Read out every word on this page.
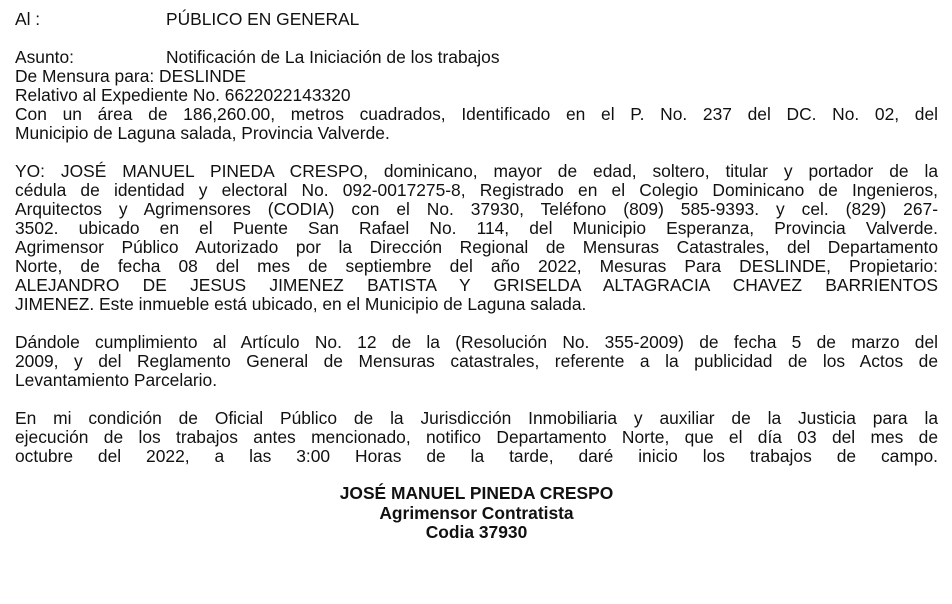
Al :	PÚBLICO EN GENERAL
Asunto:	Notificación de La Iniciación de los trabajos
De Mensura para: DESLINDE
Relativo al Expediente No. 6622022143320
Con un área de 186,260.00, metros cuadrados, Identificado en el P. No. 237 del DC. No. 02, del
Municipio de Laguna salada, Provincia Valverde.
YO: JOSÉ MANUEL PINEDA CRESPO, dominicano, mayor de edad, soltero, titular y portador de la
cédula de identidad y electoral No. 092-0017275-8, Registrado en el Colegio Dominicano de Ingenieros,
Arquitectos y Agrimensores (CODIA) con el No. 37930, Teléfono (809) 585-9393. y cel. (829) 267-
3502. ubicado en el Puente San Rafael No. 114, del Municipio Esperanza, Provincia Valverde.
Agrimensor Público Autorizado por la Dirección Regional de Mensuras Catastrales, del Departamento
Norte, de fecha 08 del mes de septiembre del año 2022, Mesuras Para DESLINDE, Propietario:
ALEJANDRO DE JESUS JIMENEZ BATISTA Y GRISELDA ALTAGRACIA CHAVEZ BARRIENTOS
JIMENEZ. Este inmueble está ubicado, en el Municipio de Laguna salada.
Dándole cumplimiento al Artículo No. 12 de la (Resolución No. 355-2009) de fecha 5 de marzo del
2009, y del Reglamento General de Mensuras catastrales, referente a la publicidad de los Actos de
Levantamiento Parcelario.
En mi condición de Oficial Público de la Jurisdicción Inmobiliaria y auxiliar de la Justicia para la
ejecución de los trabajos antes mencionado, notifico Departamento Norte, que el día 03 del mes de
octubre del 2022, a las 3:00 Horas de la tarde, daré inicio los trabajos de campo.
JOSÉ MANUEL PINEDA CRESPO
Agrimensor Contratista
Codia 37930
